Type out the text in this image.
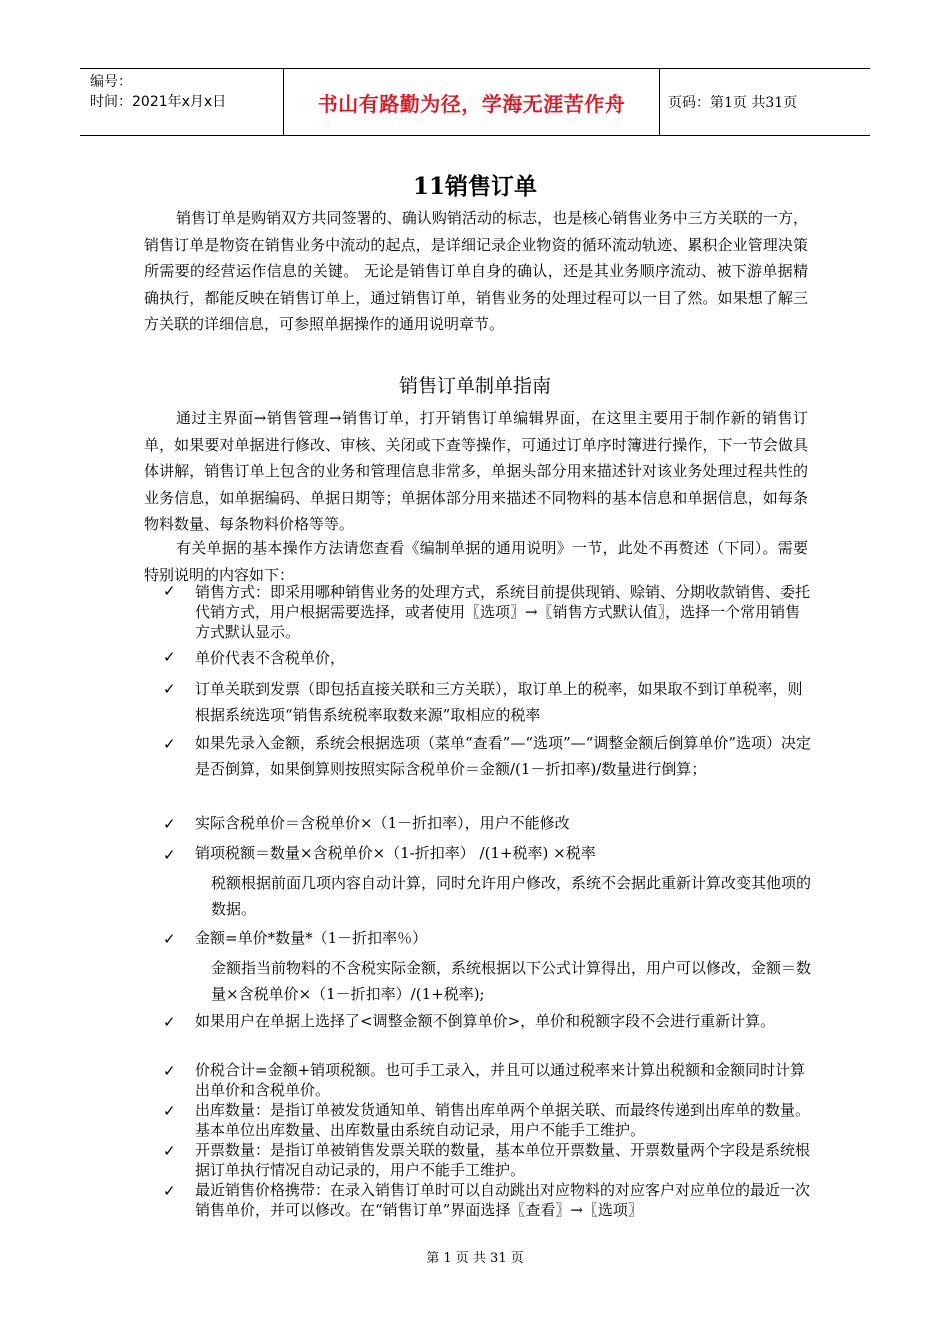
编号：
时间：2021年x月x日	书山有路勤为径，学海无涯苦作舟	页码：第1页 共31页
11销售订单

销售订单是购销双方共同签署的、确认购销活动的标志，也是核心销售业务中三方关联的一方， 销售订单是物资在销售业务中流动的起点，是详细记录企业物资的循环流动轨迹、累积企业管理决策所需要的经营运作信息的关键。 无论是销售订单自身的确认，还是其业务顺序流动、被下游单据精确执行，都能反映在销售订单上，通过销售订单，销售业务的处理过程可以一目了然。如果想了解三方关联的详细信息，可参照单据操作的通用说明章节。

销售订单制单指南

通过主界面→销售管理→销售订单，打开销售订单编辑界面，在这里主要用于制作新的销售订单，如果要对单据进行修改、审核、关闭或下查等操作，可通过订单序时簿进行操作，下一节会做具体讲解，销售订单上包含的业务和管理信息非常多，单据头部分用来描述针对该业务处理过程共性的业务信息，如单据编码、单据日期等；单据体部分用来描述不同物料的基本信息和单据信息，如每条物料数量、每条物料价格等等。

有关单据的基本操作方法请您查看《编制单据的通用说明》一节，此处不再赘述（下同）。需要特别说明的内容如下：

✓ 销售方式：即采用哪种销售业务的处理方式，系统目前提供现销、赊销、分期收款销售、委托代销方式，用户根据需要选择，或者使用〖选项〗→〖销售方式默认值〗，选择一个常用销售方式默认显示。

✓ 单价代表不含税单价，

✓ 订单关联到发票（即包括直接关联和三方关联），取订单上的税率，如果取不到订单税率，则根据系统选项“销售系统税率取数来源”取相应的税率

✓ 如果先录入金额，系统会根据选项（菜单“查看”—“选项”—“调整金额后倒算单价”选项）决定是否倒算，如果倒算则按照实际含税单价＝金额/(1－折扣率)/数量进行倒算；

✓ 实际含税单价＝含税单价×（1－折扣率），用户不能修改

✓ 销项税额＝数量×含税单价×（1-折扣率） /(1+税率) ×税率

税额根据前面几项内容自动计算，同时允许用户修改，系统不会据此重新计算改变其他项的数据。

✓ 金额=单价*数量*（1－折扣率％）

金额指当前物料的不含税实际金额，系统根据以下公式计算得出，用户可以修改，金额＝数量×含税单价×（1－折扣率）/(1+税率);

✓ 如果用户在单据上选择了<调整金额不倒算单价>，单价和税额字段不会进行重新计算。

✓ 价税合计=金额+销项税额。也可手工录入，并且可以通过税率来计算出税额和金额同时计算出单价和含税单价。

✓ 出库数量：是指订单被发货通知单、销售出库单两个单据关联、而最终传递到出库单的数量。基本单位出库数量、出库数量由系统自动记录，用户不能手工维护。

✓ 开票数量：是指订单被销售发票关联的数量，基本单位开票数量、开票数量两个字段是系统根据订单执行情况自动记录的，用户不能手工维护。

✓ 最近销售价格携带：在录入销售订单时可以自动跳出对应物料的对应客户对应单位的最近一次销售单价，并可以修改。在“销售订单”界面选择〖查看〗→〖选项〗

第 1 页 共 31 页
